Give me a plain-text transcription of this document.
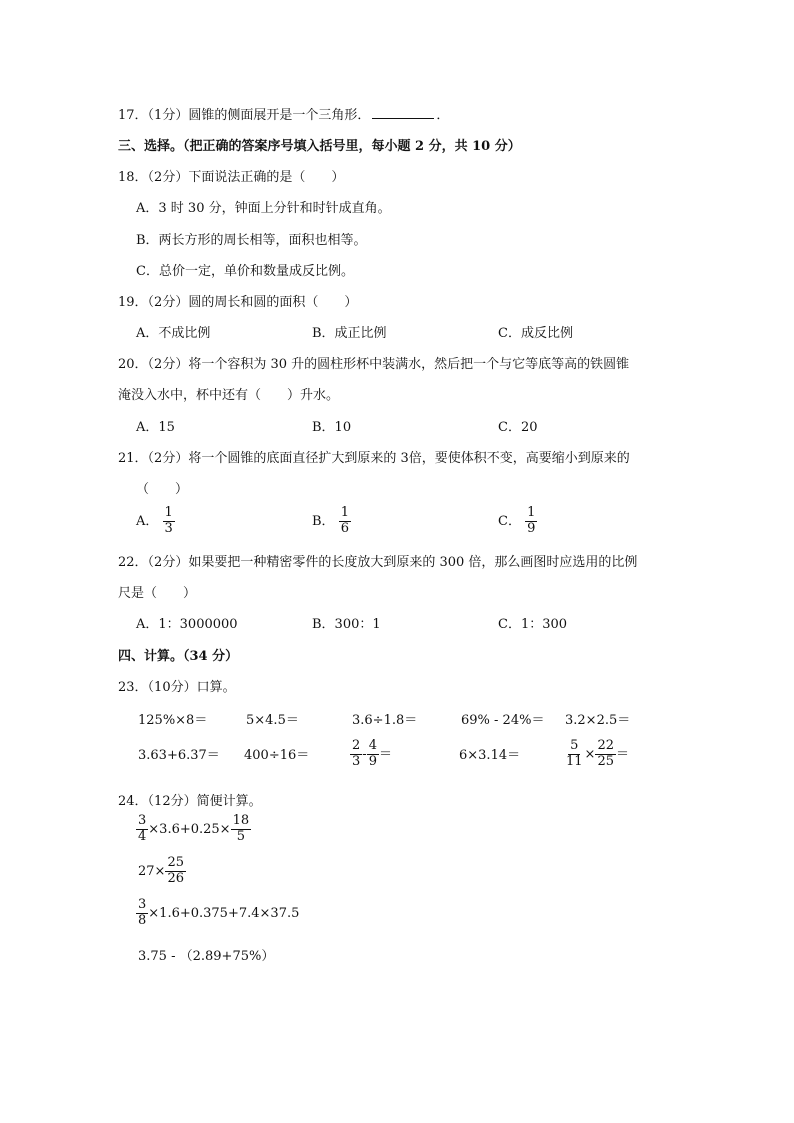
17．（1分）圆锥的侧面展开是一个三角形．	．
三、选择。（把正确的答案序号填入括号里，每小题 2 分，共 10 分）
18．（2分）下面说法正确的是（　　）
A．3 时 30 分，钟面上分针和时针成直角。
B．两长方形的周长相等，面积也相等。
C．总价一定，单价和数量成反比例。
19．（2分）圆的周长和圆的面积（　　）
A．不成比例	B．成正比例	C．成反比例
20．（2分）将一个容积为 30 升的圆柱形杯中装满水，然后把一个与它等底等高的铁圆锥
淹没入水中，杯中还有（　　）升水。
A．15	B．10	C．20
21．（2分）将一个圆锥的底面直径扩大到原来的 3倍，要使体积不变，高要缩小到原来的
（　　）
A． $\frac{1}{3}$	B． $\frac{1}{6}$	C． $\frac{1}{9}$
22．（2分）如果要把一种精密零件的长度放大到原来的 300 倍，那么画图时应选用的比例
尺是（　　）
A．1：3000000	B．300：1	C．1：300
四、计算。（34 分）
23．（10分）口算。
125%×8＝	5×4.5＝	3.6÷1.8＝	69% - 24%＝ 3.2×2.5＝
3.63+6.37＝ 400÷16＝	$\frac{2}{3} - \frac{4}{9}$ ＝	6×3.14＝	$\frac{5}{11} \times \frac{22}{25}$ ＝
24．（12分）简便计算。
$\frac{3}{4} \times 3.6+0.25\times \frac{18}{5}$
$27\times \frac{25}{26}$
$\frac{3}{8} \times 1.6+0.375+7.4\times 37.5$
3.75 - （2.89+75%）
